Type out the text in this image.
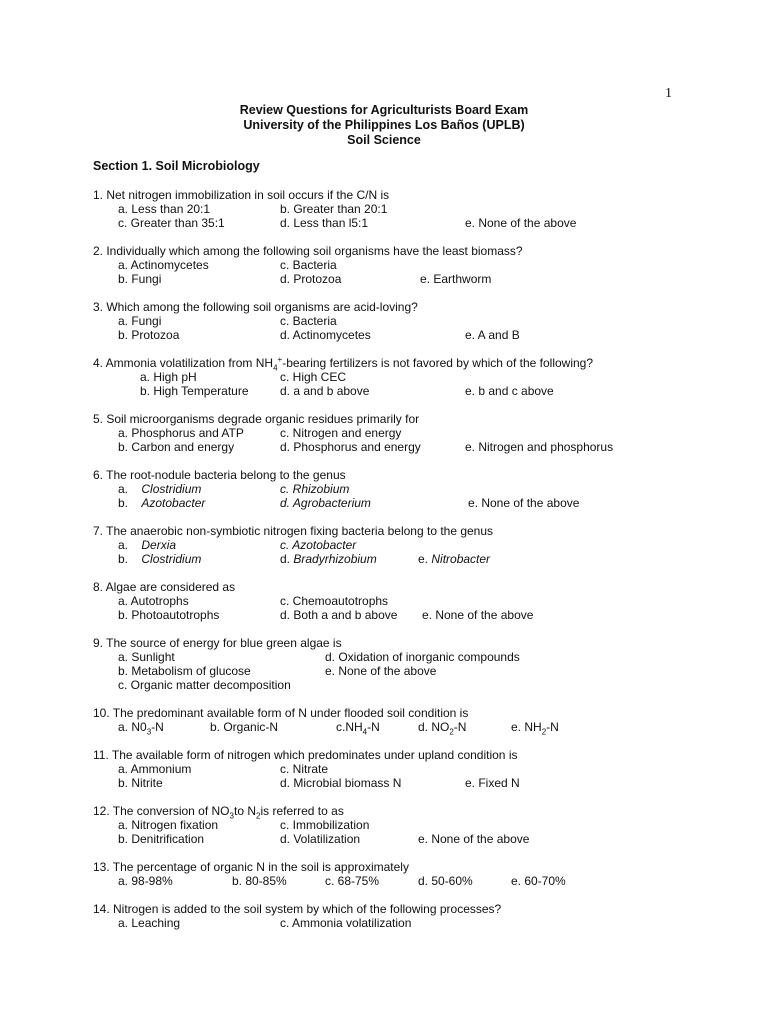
1
Review Questions for Agriculturists Board Exam
University of the Philippines Los Baños (UPLB)
Soil Science
Section 1. Soil Microbiology
1. Net nitrogen immobilization in soil occurs if the C/N is
a. Less than 20:1	b. Greater than 20:1
c. Greater than 35:1	d. Less than l5:1	e. None of the above
2. Individually which among the following soil organisms have the least biomass?
a. Actinomycetes	c. Bacteria
b. Fungi	d. Protozoa	e. Earthworm
3. Which among the following soil organisms are acid-loving?
a. Fungi	c. Bacteria
b. Protozoa	d. Actinomycetes	e. A and B
4. Ammonia volatilization from $NH_4^+$-bearing fertilizers is not favored by which of the following?
a. High pH	c. High CEC
b. High Temperature	d. a and b above	e. b and c above
5. Soil microorganisms degrade organic residues primarily for
a. Phosphorus and ATP	c. Nitrogen and energy
b. Carbon and energy	d. Phosphorus and energy	e. Nitrogen and phosphorus
6. The root-nodule bacteria belong to the genus
a. Clostridium	c. Rhizobium
b. Azotobacter	d. Agrobacterium	e. None of the above
7. The anaerobic non-symbiotic nitrogen fixing bacteria belong to the genus
a. Derxia	c. Azotobacter
b. Clostridium	d. Bradyrhizobium	e. Nitrobacter
8. Algae are considered as
a. Autotrophs	c. Chemoautotrophs
b. Photoautotrophs	d. Both a and b above e. None of the above
9. The source of energy for blue green algae is
a. Sunlight	d. Oxidation of inorganic compounds
b. Metabolism of glucose	e. None of the above
c. Organic matter decomposition
10. The predominant available form of N under flooded soil condition is
a. $N0_3-N$	b. Organic-N	$c.NH_4-N$	d. $NO_2-N$	e. $NH_2-N$
11. The available form of nitrogen which predominates under upland condition is
a. Ammonium	c. Nitrate
b. Nitrite	d. Microbial biomass N	e. Fixed N
12. The conversion of $NO_3to$ $N_2is$ referred to as
a. Nitrogen fixation	c. Immobilization
b. Denitrification	d. Volatilization	e. None of the above
13. The percentage of organic N in the soil is approximately
a. 98-98%	b. 80-85%	c. 68-75%	d. 50-60%	e. 60-70%
14. Nitrogen is added to the soil system by which of the following processes?
a. Leaching	c. Ammonia volatilization
